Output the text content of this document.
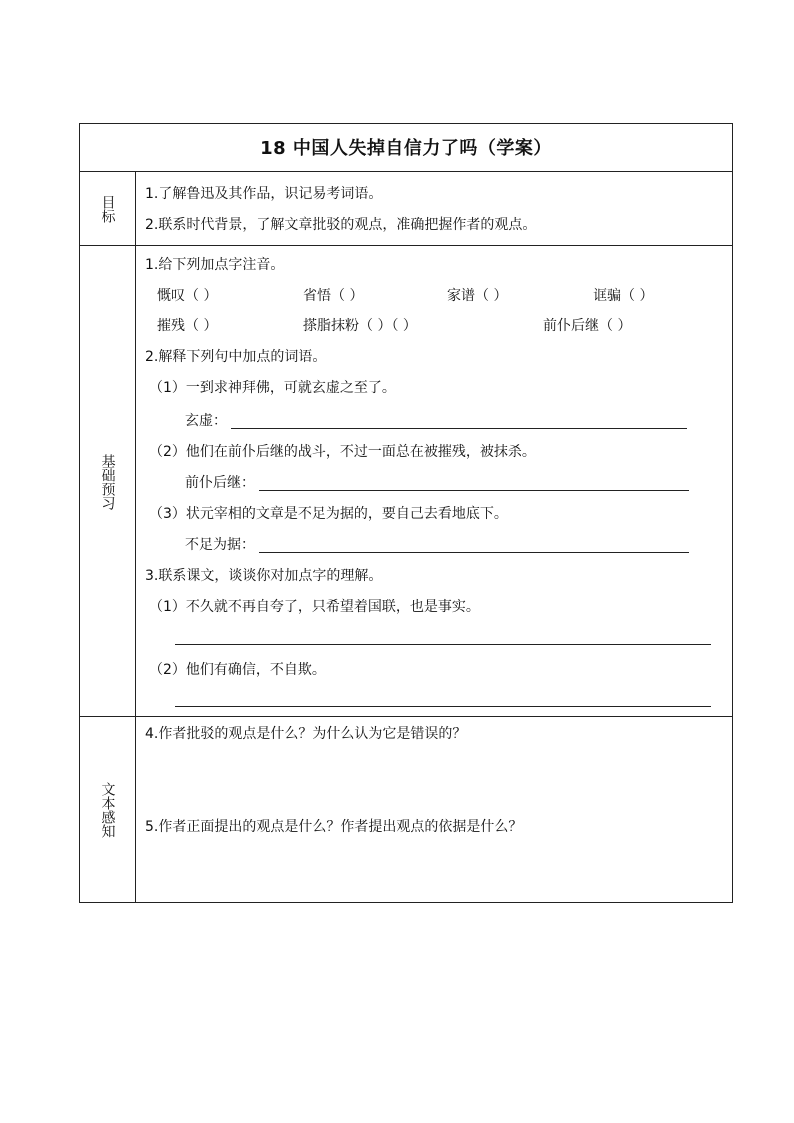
18 中国人失掉自信力了吗（学案）
目标
1.了解鲁迅及其作品，识记易考词语。
2.联系时代背景，了解文章批驳的观点，准确把握作者的观点。
基础预习
1.给下列加点字注音。
慨叹（ ）	省悟（ ）	家谱（ ）	诓骗（ ）
摧残（ ）	搽脂抹粉（ ）（ ）	前仆后继（ ）
2.解释下列句中加点的词语。
（1）一到求神拜佛，可就玄虚之至了。
玄虚：
（2）他们在前仆后继的战斗，不过一面总在被摧残，被抹杀。
前仆后继：
（3）状元宰相的文章是不足为据的，要自己去看地底下。
不足为据：
3.联系课文，谈谈你对加点字的理解。
（1）不久就不再自夸了，只希望着国联，也是事实。
（2）他们有确信，不自欺。
文本感知
4.作者批驳的观点是什么？为什么认为它是错误的？
5.作者正面提出的观点是什么？作者提出观点的依据是什么？
